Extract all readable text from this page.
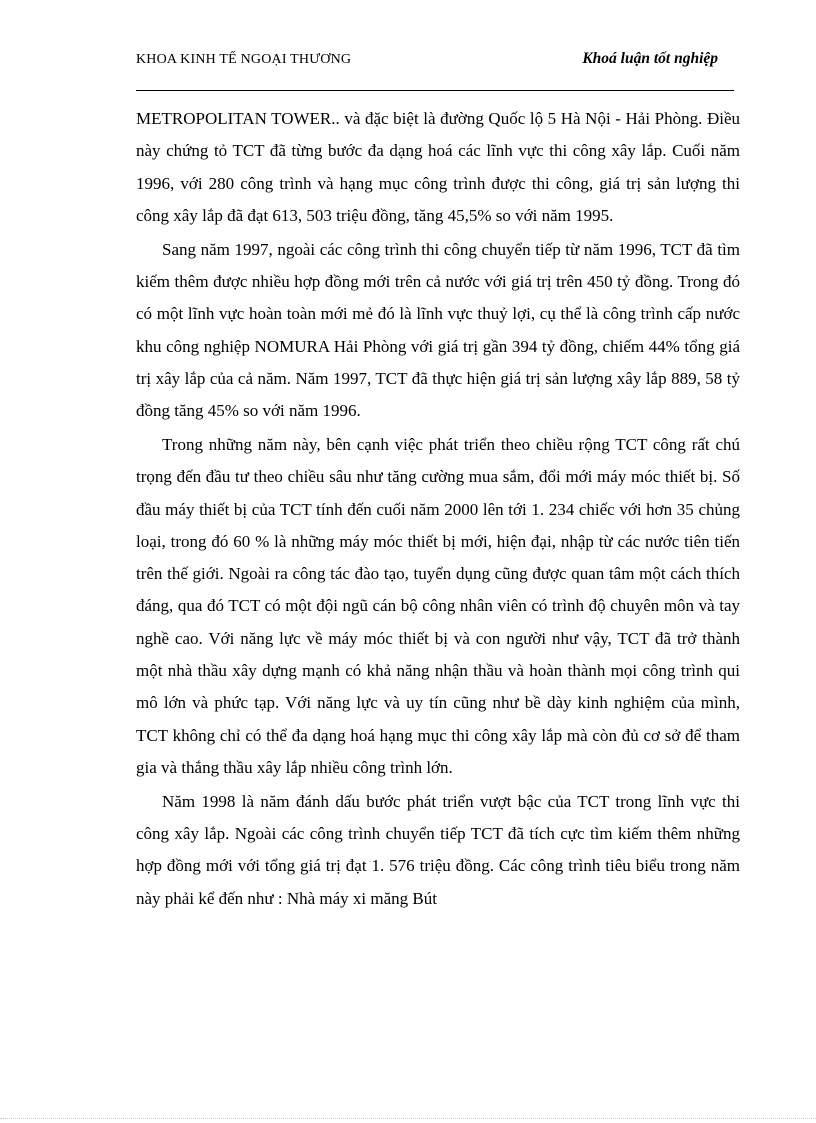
KHOA KINH TẾ NGOẠI THƯƠNG	Khoá luận tốt nghiệp

METROPOLITAN TOWER.. và đặc biệt là đường Quốc lộ 5 Hà Nội - Hải Phòng. Điều này chứng tỏ TCT đã từng bước đa dạng hoá các lĩnh vực thi công xây lắp. Cuối năm 1996, với 280 công trình và hạng mục công trình được thi công, giá trị sản lượng thi công xây lắp đã đạt 613, 503 triệu đồng, tăng 45,5% so với năm 1995.

Sang năm 1997, ngoài các công trình thi công chuyển tiếp từ năm 1996, TCT đã tìm kiếm thêm được nhiều hợp đồng mới trên cả nước với giá trị trên 450 tỷ đồng. Trong đó có một lĩnh vực hoàn toàn mới mẻ đó là lĩnh vực thuỷ lợi, cụ thể là công trình cấp nước khu công nghiệp NOMURA Hải Phòng với giá trị gần 394 tỷ đồng, chiếm 44% tổng giá trị xây lắp của cả năm. Năm 1997, TCT đã thực hiện giá trị sản lượng xây lắp 889, 58 tỷ đồng tăng 45% so với năm 1996.

Trong những năm này, bên cạnh việc phát triển theo chiều rộng TCT công rất chú trọng đến đầu tư theo chiều sâu như tăng cường mua sắm, đổi mới máy móc thiết bị. Số đầu máy thiết bị của TCT tính đến cuối năm 2000 lên tới 1. 234 chiếc với hơn 35 chủng loại, trong đó 60 % là những máy móc thiết bị mới, hiện đại, nhập từ các nước tiên tiến trên thế giới. Ngoài ra công tác đào tạo, tuyển dụng cũng được quan tâm một cách thích đáng, qua đó TCT có một đội ngũ cán bộ công nhân viên có trình độ chuyên môn và tay nghề cao. Với năng lực về máy móc thiết bị và con người như vậy, TCT đã trở thành một nhà thầu xây dựng mạnh có khả năng nhận thầu và hoàn thành mọi công trình qui mô lớn và phức tạp. Với năng lực và uy tín cũng như bề dày kinh nghiệm của mình, TCT không chỉ có thể đa dạng hoá hạng mục thi công xây lắp mà còn đủ cơ sở để tham gia và thắng thầu xây lắp nhiều công trình lớn.

Năm 1998 là năm đánh dấu bước phát triển vượt bậc của TCT trong lĩnh vực thi công xây lắp. Ngoài các công trình chuyển tiếp TCT đã tích cực tìm kiếm thêm những hợp đồng mới với tổng giá trị đạt 1. 576 triệu đồng. Các công trình tiêu biểu trong năm này phải kể đến như : Nhà máy xi măng Bút
